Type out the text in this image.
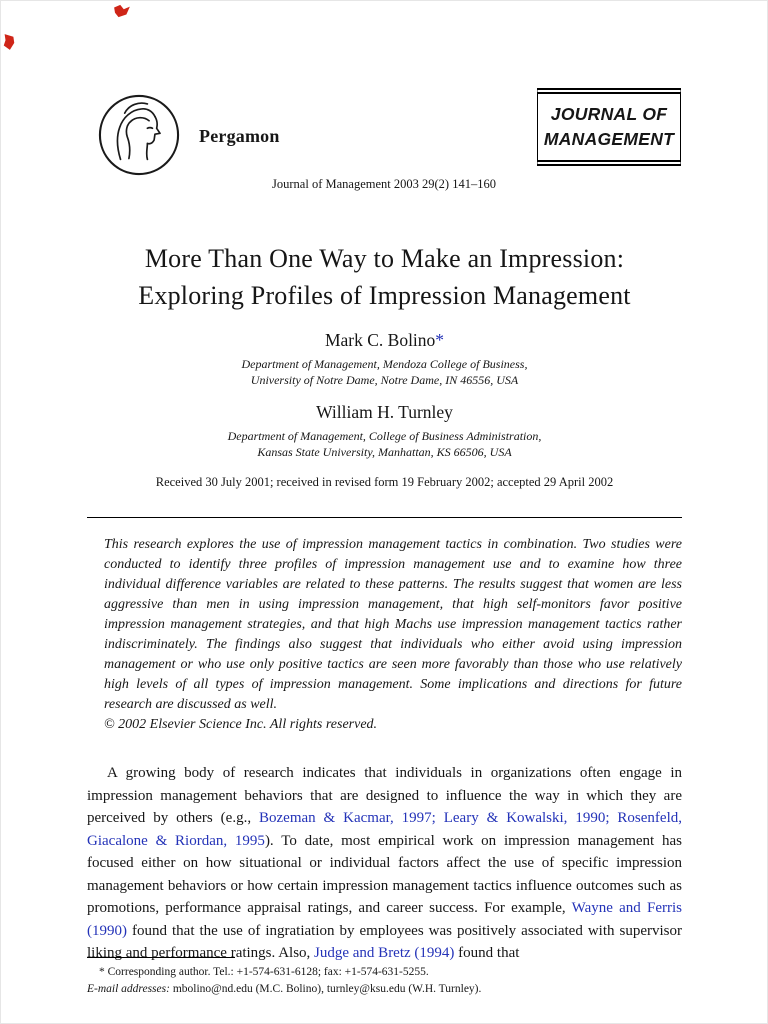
Pergamon
JOURNAL OF
MANAGEMENT
Journal of Management 2003 29(2) 141–160
More Than One Way to Make an Impression:
Exploring Profiles of Impression Management
Mark C. Bolino*
Department of Management, Mendoza College of Business,
University of Notre Dame, Notre Dame, IN 46556, USA
William H. Turnley
Department of Management, College of Business Administration,
Kansas State University, Manhattan, KS 66506, USA
Received 30 July 2001; received in revised form 19 February 2002; accepted 29 April 2002

This research explores the use of impression management tactics in combination. Two studies were conducted to identify three profiles of impression management use and to examine how three individual difference variables are related to these patterns. The results suggest that women are less aggressive than men in using impression management, that high self-monitors favor positive impression management strategies, and that high Machs use impression management tactics rather indiscriminately. The findings also suggest that individuals who either avoid using impression management or who use only positive tactics are seen more favorably than those who use relatively high levels of all types of impression management. Some implications and directions for future research are discussed as well.

© 2002 Elsevier Science Inc. All rights reserved.

A growing body of research indicates that individuals in organizations often engage in impression management behaviors that are designed to influence the way in which they are perceived by others (e.g., Bozeman & Kacmar, 1997; Leary & Kowalski, 1990; Rosenfeld, Giacalone & Riordan, 1995). To date, most empirical work on impression management has focused either on how situational or individual factors affect the use of specific impression management behaviors or how certain impression management tactics influence outcomes such as promotions, performance appraisal ratings, and career success. For example, Wayne and Ferris (1990) found that the use of ingratiation by employees was positively associated with supervisor liking and performance ratings. Also, Judge and Bretz (1994) found that

* Corresponding author. Tel.: +1-574-631-6128; fax: +1-574-631-5255.
E-mail addresses: mbolino@nd.edu (M.C. Bolino), turnley@ksu.edu (W.H. Turnley).
